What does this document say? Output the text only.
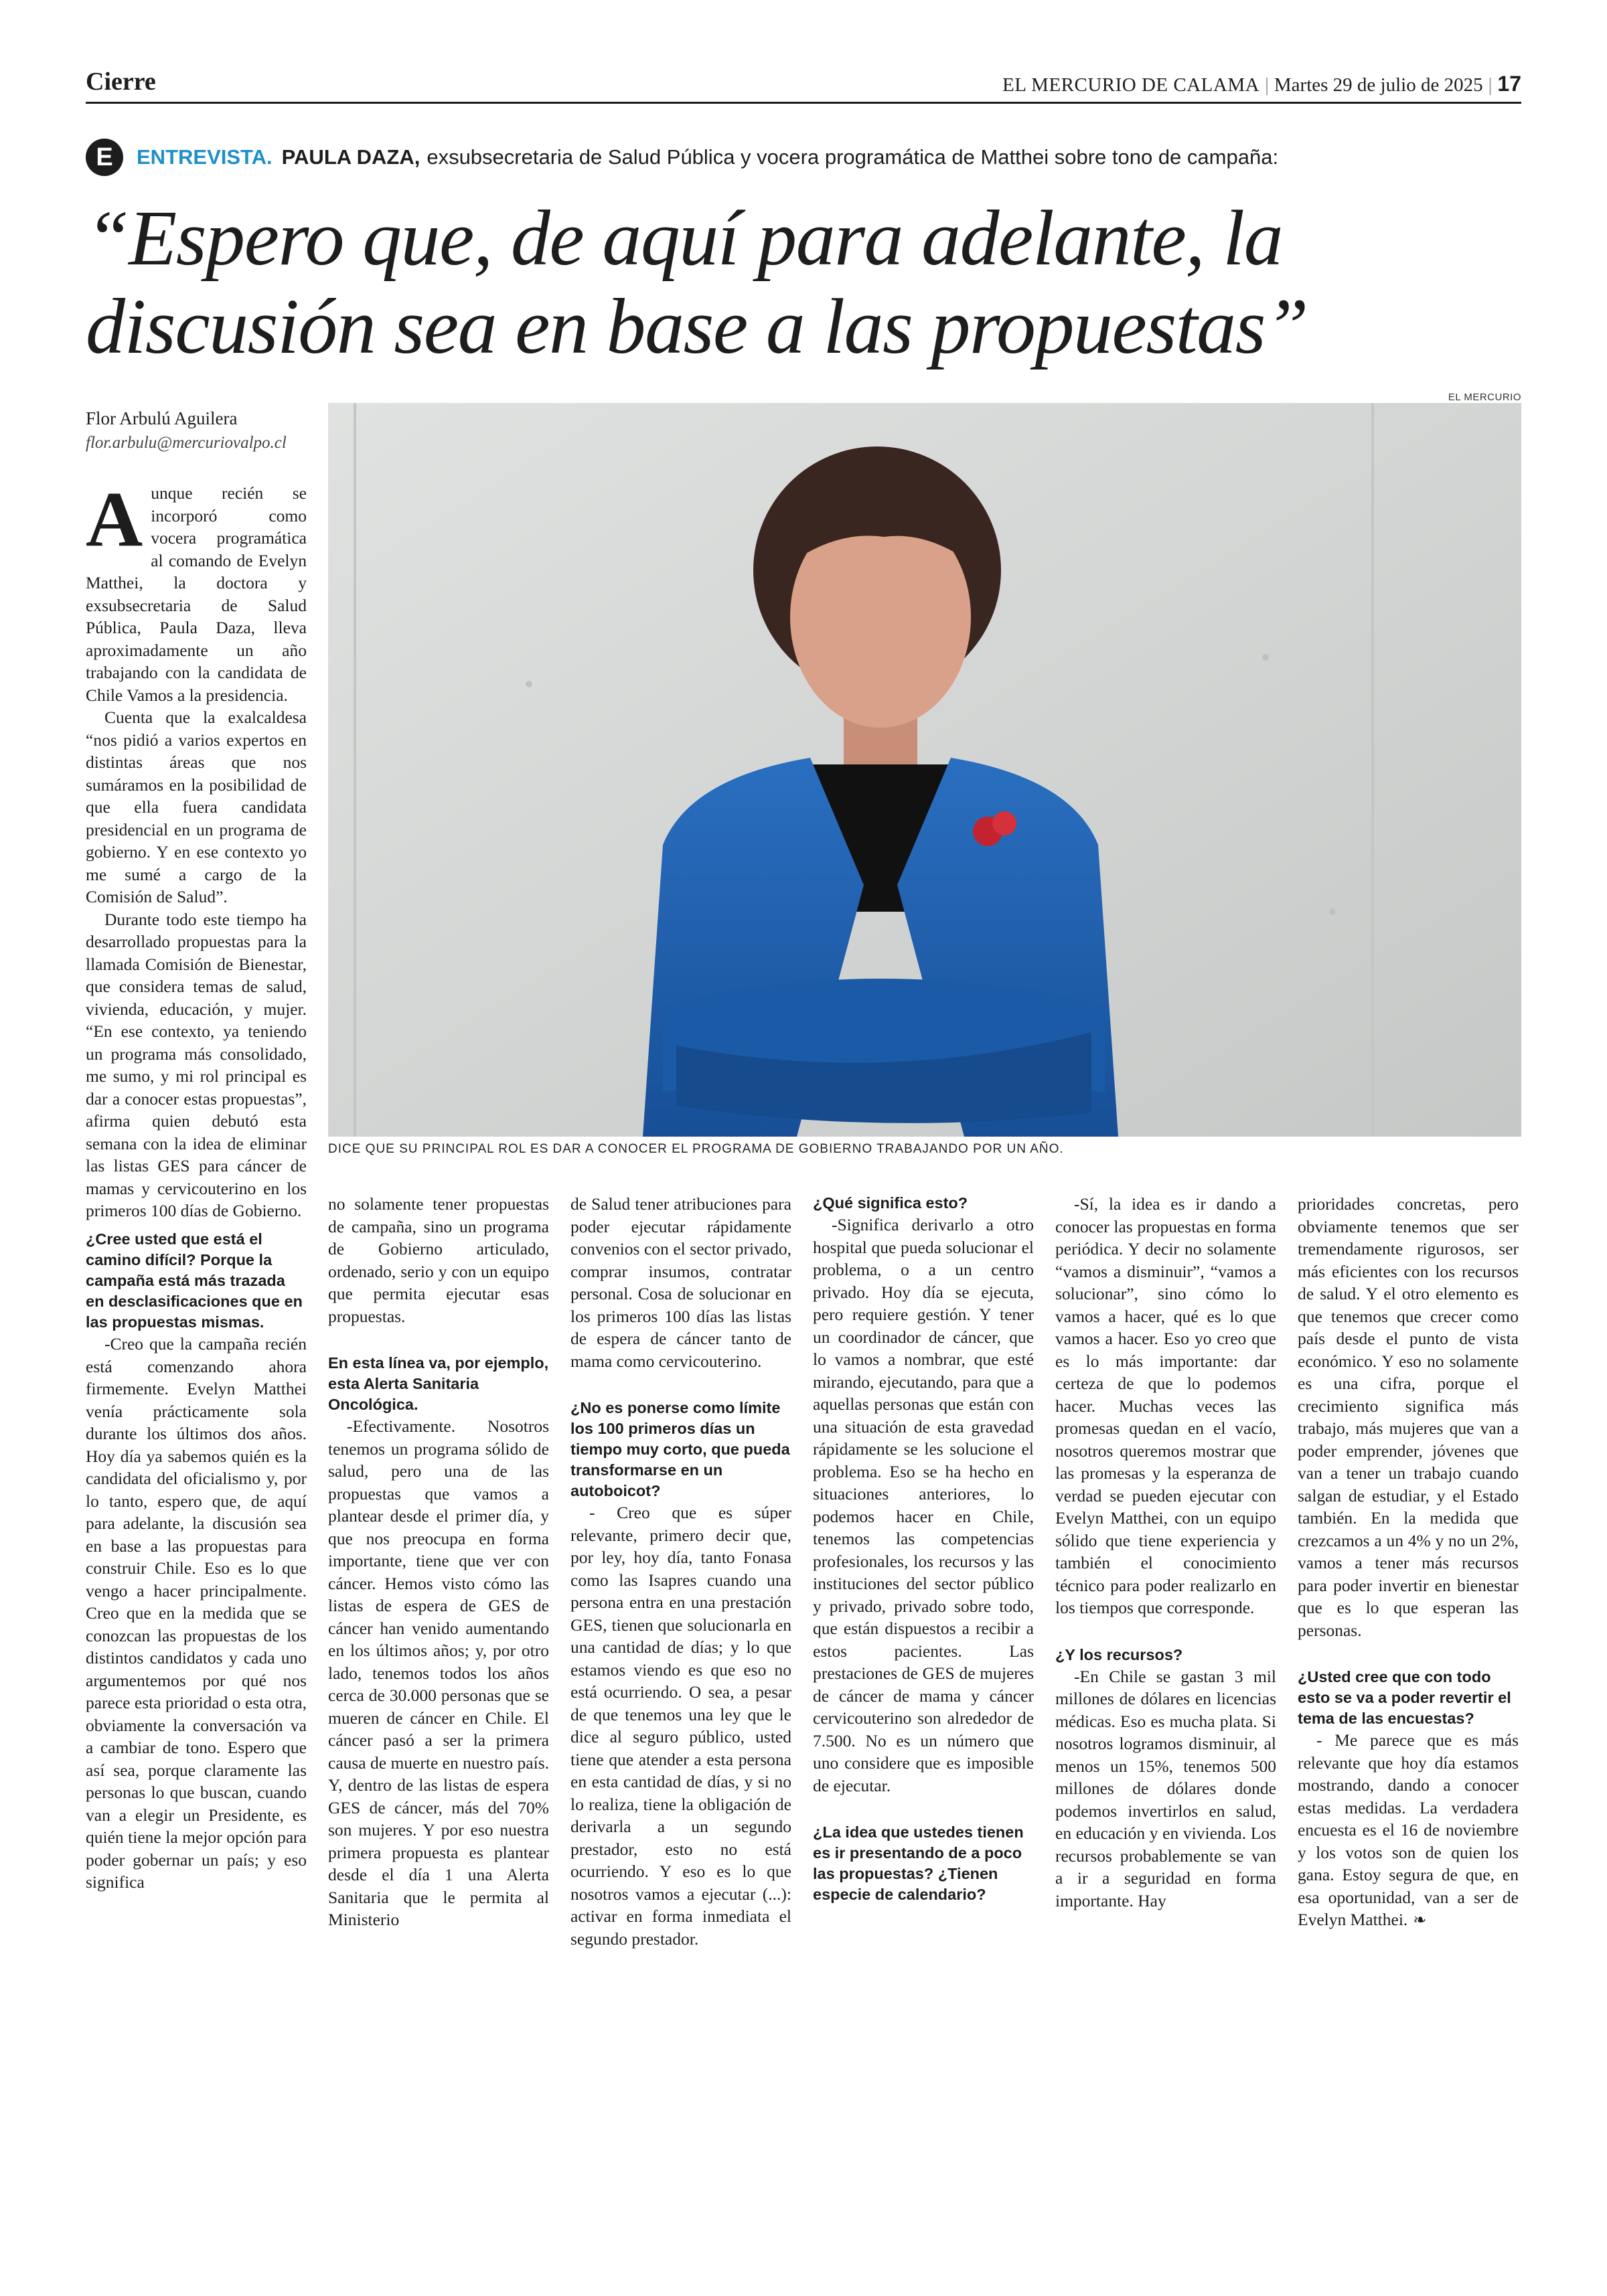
Cierre	EL MERCURIO DE CALAMA | Martes 29 de julio de 2025 | 17
E	ENTREVISTA. PAULA DAZA, exsubsecretaria de Salud Pública y vocera programática de Matthei sobre tono de campaña:
“Espero que, de aquí para adelante, la discusión sea en base a las propuestas”
Flor Arbulú Aguilera
flor.arbulu@mercuriovalpo.cl
EL MERCURIO
DICE QUE SU PRINCIPAL ROL ES DAR A CONOCER EL PROGRAMA DE GOBIERNO TRABAJANDO POR UN AÑO.

Aunque recién se incorporó como vocera programática al comando de Evelyn Matthei, la doctora y exsubsecretaria de Salud Pública, Paula Daza, lleva aproximadamente un año trabajando con la candidata de Chile Vamos a la presidencia.

Cuenta que la exalcaldesa “nos pidió a varios expertos en distintas áreas que nos sumáramos en la posibilidad de que ella fuera candidata presidencial en un programa de gobierno. Y en ese contexto yo me sumé a cargo de la Comisión de Salud”.

Durante todo este tiempo ha desarrollado propuestas para la llamada Comisión de Bienestar, que considera temas de salud, vivienda, educación, y mujer. “En ese contexto, ya teniendo un programa más consolidado, me sumo, y mi rol principal es dar a conocer estas propuestas”, afirma quien debutó esta semana con la idea de eliminar las listas GES para cáncer de mamas y cervicouterino en los primeros 100 días de Gobierno.

¿Cree usted que está el camino difícil? Porque la campaña está más trazada en desclasificaciones que en las propuestas mismas.

-Creo que la campaña recién está comenzando ahora firmemente. Evelyn Matthei venía prácticamente sola durante los últimos dos años. Hoy día ya sabemos quién es la candidata del oficialismo y, por lo tanto, espero que, de aquí para adelante, la discusión sea en base a las propuestas para construir Chile. Eso es lo que vengo a hacer principalmente. Creo que en la medida que se conozcan las propuestas de los distintos candidatos y cada uno argumentemos por qué nos parece esta prioridad o esta otra, obviamente la conversación va a cambiar de tono. Espero que así sea, porque claramente las personas lo que buscan, cuando van a elegir un Presidente, es quién tiene la mejor opción para poder gobernar un país; y eso significa

no solamente tener propuestas de campaña, sino un programa de Gobierno articulado, ordenado, serio y con un equipo que permita ejecutar esas propuestas.

En esta línea va, por ejemplo, esta Alerta Sanitaria Oncológica.

-Efectivamente. Nosotros tenemos un programa sólido de salud, pero una de las propuestas que vamos a plantear desde el primer día, y que nos preocupa en forma importante, tiene que ver con cáncer. Hemos visto cómo las listas de espera de GES de cáncer han venido aumentando en los últimos años; y, por otro lado, tenemos todos los años cerca de 30.000 personas que se mueren de cáncer en Chile. El cáncer pasó a ser la primera causa de muerte en nuestro país. Y, dentro de las listas de espera GES de cáncer, más del 70% son mujeres. Y por eso nuestra primera propuesta es plantear desde el día 1 una Alerta Sanitaria que le permita al Ministerio

de Salud tener atribuciones para poder ejecutar rápidamente convenios con el sector privado, comprar insumos, contratar personal. Cosa de solucionar en los primeros 100 días las listas de espera de cáncer tanto de mama como cervicouterino.

¿No es ponerse como límite los 100 primeros días un tiempo muy corto, que pueda transformarse en un autoboicot?

- Creo que es súper relevante, primero decir que, por ley, hoy día, tanto Fonasa como las Isapres cuando una persona entra en una prestación GES, tienen que solucionarla en una cantidad de días; y lo que estamos viendo es que eso no está ocurriendo. O sea, a pesar de que tenemos una ley que le dice al seguro público, usted tiene que atender a esta persona en esta cantidad de días, y si no lo realiza, tiene la obligación de derivarla a un segundo prestador, esto no está ocurriendo. Y eso es lo que nosotros vamos a ejecutar (...): activar en forma inmediata el segundo prestador.

¿Qué significa esto?

-Significa derivarlo a otro hospital que pueda solucionar el problema, o a un centro privado. Hoy día se ejecuta, pero requiere gestión. Y tener un coordinador de cáncer, que lo vamos a nombrar, que esté mirando, ejecutando, para que a aquellas personas que están con una situación de esta gravedad rápidamente se les solucione el problema. Eso se ha hecho en situaciones anteriores, lo podemos hacer en Chile, tenemos las competencias profesionales, los recursos y las instituciones del sector público y privado, privado sobre todo, que están dispuestos a recibir a estos pacientes. Las prestaciones de GES de mujeres de cáncer de mama y cáncer cervicouterino son alrededor de 7.500. No es un número que uno considere que es imposible de ejecutar.

¿La idea que ustedes tienen es ir presentando de a poco las propuestas? ¿Tienen especie de calendario?

-Sí, la idea es ir dando a conocer las propuestas en forma periódica. Y decir no solamente “vamos a disminuir”, “vamos a solucionar”, sino cómo lo vamos a hacer, qué es lo que vamos a hacer. Eso yo creo que es lo más importante: dar certeza de que lo podemos hacer. Muchas veces las promesas quedan en el vacío, nosotros queremos mostrar que las promesas y la esperanza de verdad se pueden ejecutar con Evelyn Matthei, con un equipo sólido que tiene experiencia y también el conocimiento técnico para poder realizarlo en los tiempos que corresponde.

¿Y los recursos?

-En Chile se gastan 3 mil millones de dólares en licencias médicas. Eso es mucha plata. Si nosotros logramos disminuir, al menos un 15%, tenemos 500 millones de dólares donde podemos invertirlos en salud, en educación y en vivienda. Los recursos probablemente se van a ir a seguridad en forma importante. Hay

prioridades concretas, pero obviamente tenemos que ser tremendamente rigurosos, ser más eficientes con los recursos de salud. Y el otro elemento es que tenemos que crecer como país desde el punto de vista económico. Y eso no solamente es una cifra, porque el crecimiento significa más trabajo, más mujeres que van a poder emprender, jóvenes que van a tener un trabajo cuando salgan de estudiar, y el Estado también. En la medida que crezcamos a un 4% y no un 2%, vamos a tener más recursos para poder invertir en bienestar que es lo que esperan las personas.

¿Usted cree que con todo esto se va a poder revertir el tema de las encuestas?

- Me parece que es más relevante que hoy día estamos mostrando, dando a conocer estas medidas. La verdadera encuesta es el 16 de noviembre y los votos son de quien los gana. Estoy segura de que, en esa oportunidad, van a ser de Evelyn Matthei. ❧
